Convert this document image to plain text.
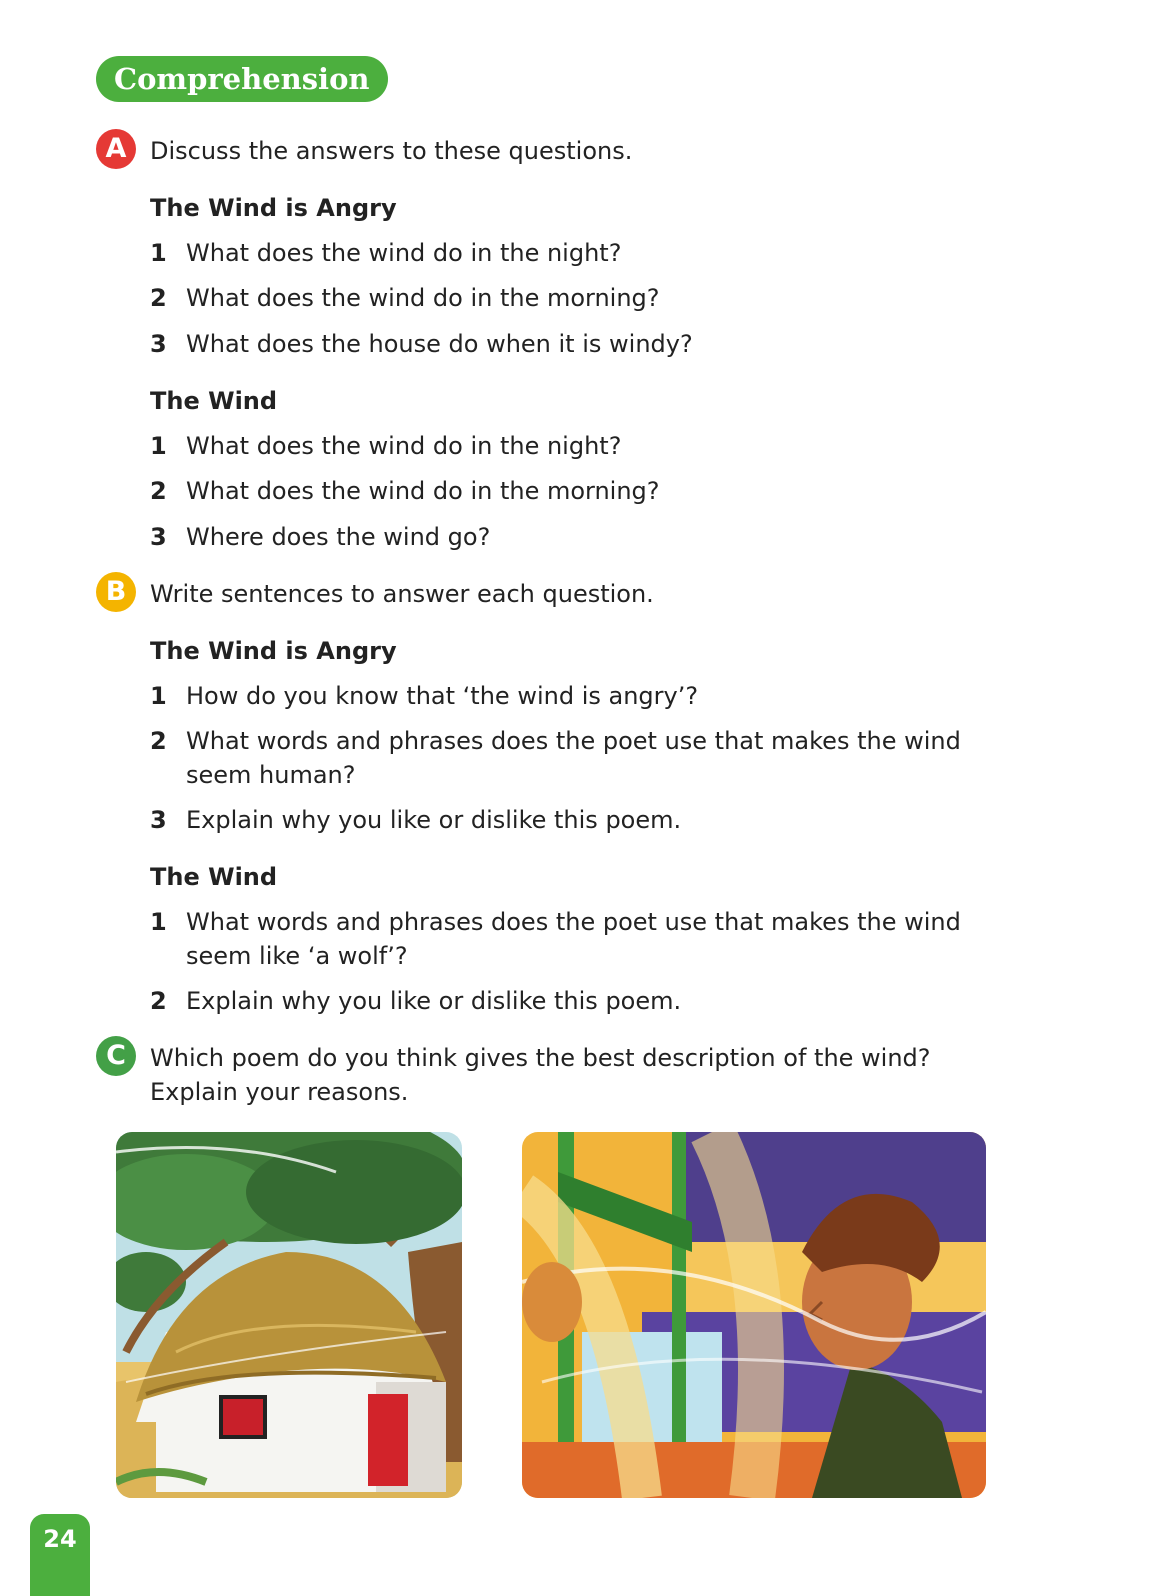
Comprehension
A Discuss the answers to these questions.
The Wind is Angry
1 What does the wind do in the night?
2 What does the wind do in the morning?
3 What does the house do when it is windy?
The Wind
1 What does the wind do in the night?
2 What does the wind do in the morning?
3 Where does the wind go?
B Write sentences to answer each question.
The Wind is Angry
1 How do you know that ‘the wind is angry’?
2 What words and phrases does the poet use that makes the wind seem human?
3 Explain why you like or dislike this poem.
The Wind
1 What words and phrases does the poet use that makes the wind seem like ‘a wolf’?
2 Explain why you like or dislike this poem.
C	Which poem do you think gives the best description of the wind? Explain your reasons.
24
